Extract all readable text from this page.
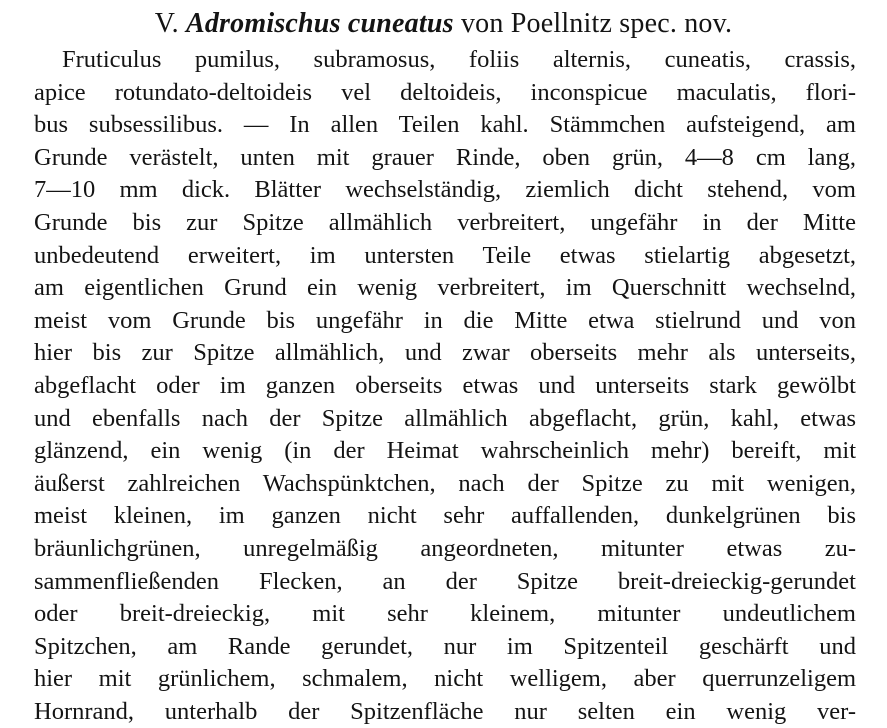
V. Adromischus cuneatus von Poellnitz spec. nov.
Fruticulus pumilus, subramosus, foliis alternis, cuneatis, crassis,
apice rotundato-deltoideis vel deltoideis, inconspicue maculatis, flori-
bus subsessilibus. — In allen Teilen kahl. Stämmchen aufsteigend, am
Grunde verästelt, unten mit grauer Rinde, oben grün, 4—8 cm lang,
7—10 mm dick. Blätter wechselständig, ziemlich dicht stehend, vom
Grunde bis zur Spitze allmählich verbreitert, ungefähr in der Mitte
unbedeutend erweitert, im untersten Teile etwas stielartig abgesetzt,
am eigentlichen Grund ein wenig verbreitert, im Querschnitt wechselnd,
meist vom Grunde bis ungefähr in die Mitte etwa stielrund und von
hier bis zur Spitze allmählich, und zwar oberseits mehr als unterseits,
abgeflacht oder im ganzen oberseits etwas und unterseits stark gewölbt
und ebenfalls nach der Spitze allmählich abgeflacht, grün, kahl, etwas
glänzend, ein wenig (in der Heimat wahrscheinlich mehr) bereift, mit
äußerst zahlreichen Wachspünktchen, nach der Spitze zu mit wenigen,
meist kleinen, im ganzen nicht sehr auffallenden, dunkelgrünen bis
bräunlichgrünen, unregelmäßig angeordneten, mitunter etwas zu-
sammenfließenden Flecken, an der Spitze breit-dreieckig-gerundet
oder breit-dreieckig, mit sehr kleinem, mitunter undeutlichem
Spitzchen, am Rande gerundet, nur im Spitzenteil geschärft und
hier mit grünlichem, schmalem, nicht welligem, aber querrunzeligem
Hornrand, unterhalb der Spitzenfläche nur selten ein wenig ver-
